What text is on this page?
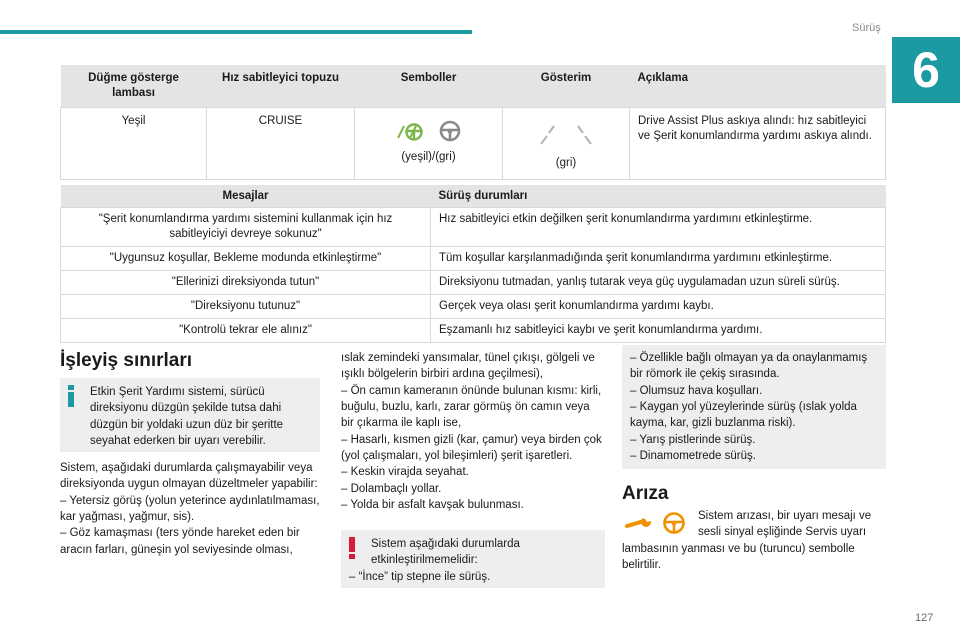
Sürüş
6
Düğme gösterge lambası	Hız sabitleyici topuzu	Semboller	Gösterim	Açıklama
Yeşil	CRUISE	(yeşil)/(gri)	(gri)	Drive Assist Plus askıya alındı: hız sabitleyici ve Şerit konumlandırma yardımı askıya alındı.
Mesajlar	Sürüş durumları
"Şerit konumlandırma yardımı sistemini kullanmak için hız sabitleyiciyi devreye sokunuz"	Hız sabitleyici etkin değilken şerit konumlandırma yardımını etkinleştirme.
"Uygunsuz koşullar, Bekleme modunda etkinleştirme"	Tüm koşullar karşılanmadığında şerit konumlandırma yardımını etkinleştirme.
"Ellerinizi direksiyonda tutun"	Direksiyonu tutmadan, yanlış tutarak veya güç uygulamadan uzun süreli sürüş.
"Direksiyonu tutunuz"	Gerçek veya olası şerit konumlandırma yardımı kaybı.
"Kontrolü tekrar ele alınız"	Eşzamanlı hız sabitleyici kaybı ve şerit konumlandırma yardımı.
İşleyiş sınırları
Etkin Şerit Yardımı sistemi, sürücü direksiyonu düzgün şekilde tutsa dahi düzgün bir yoldaki uzun düz bir şeritte seyahat ederken bir uyarı verebilir.
Sistem, aşağıdaki durumlarda çalışmayabilir veya direksiyonda uygun olmayan düzeltmeler yapabilir:
– Yetersiz görüş (yolun yeterince aydınlatılmaması, kar yağması, yağmur, sis).
– Göz kamaşması (ters yönde hareket eden bir aracın farları, güneşin yol seviyesinde olması,
ıslak zemindeki yansımalar, tünel çıkışı, gölgeli ve ışıklı bölgelerin birbiri ardına geçilmesi),
– Ön camın kameranın önünde bulunan kısmı: kirli, buğulu, buzlu, karlı, zarar görmüş ön camın veya bir çıkarma ile kaplı ise,
– Hasarlı, kısmen gizli (kar, çamur) veya birden çok (yol çalışmaları, yol bileşimleri) şerit işaretleri.
– Keskin virajda seyahat.
– Dolambaçlı yollar.
– Yolda bir asfalt kavşak bulunması.
Sistem aşağıdaki durumlarda etkinleştirilmemelidir:
– “İnce” tip stepne ile sürüş.
– Özellikle bağlı olmayan ya da onaylanmamış bir römork ile çekiş sırasında.
– Olumsuz hava koşulları.
– Kaygan yol yüzeylerinde sürüş (ıslak yolda kayma, kar, gizli buzlanma riski).
– Yarış pistlerinde sürüş.
– Dinamometrede sürüş.
Arıza
Sistem arızası, bir uyarı mesajı ve sesli sinyal eşliğinde Servis uyarı
lambasının yanması ve bu (turuncu) sembolle belirtilir.
127
